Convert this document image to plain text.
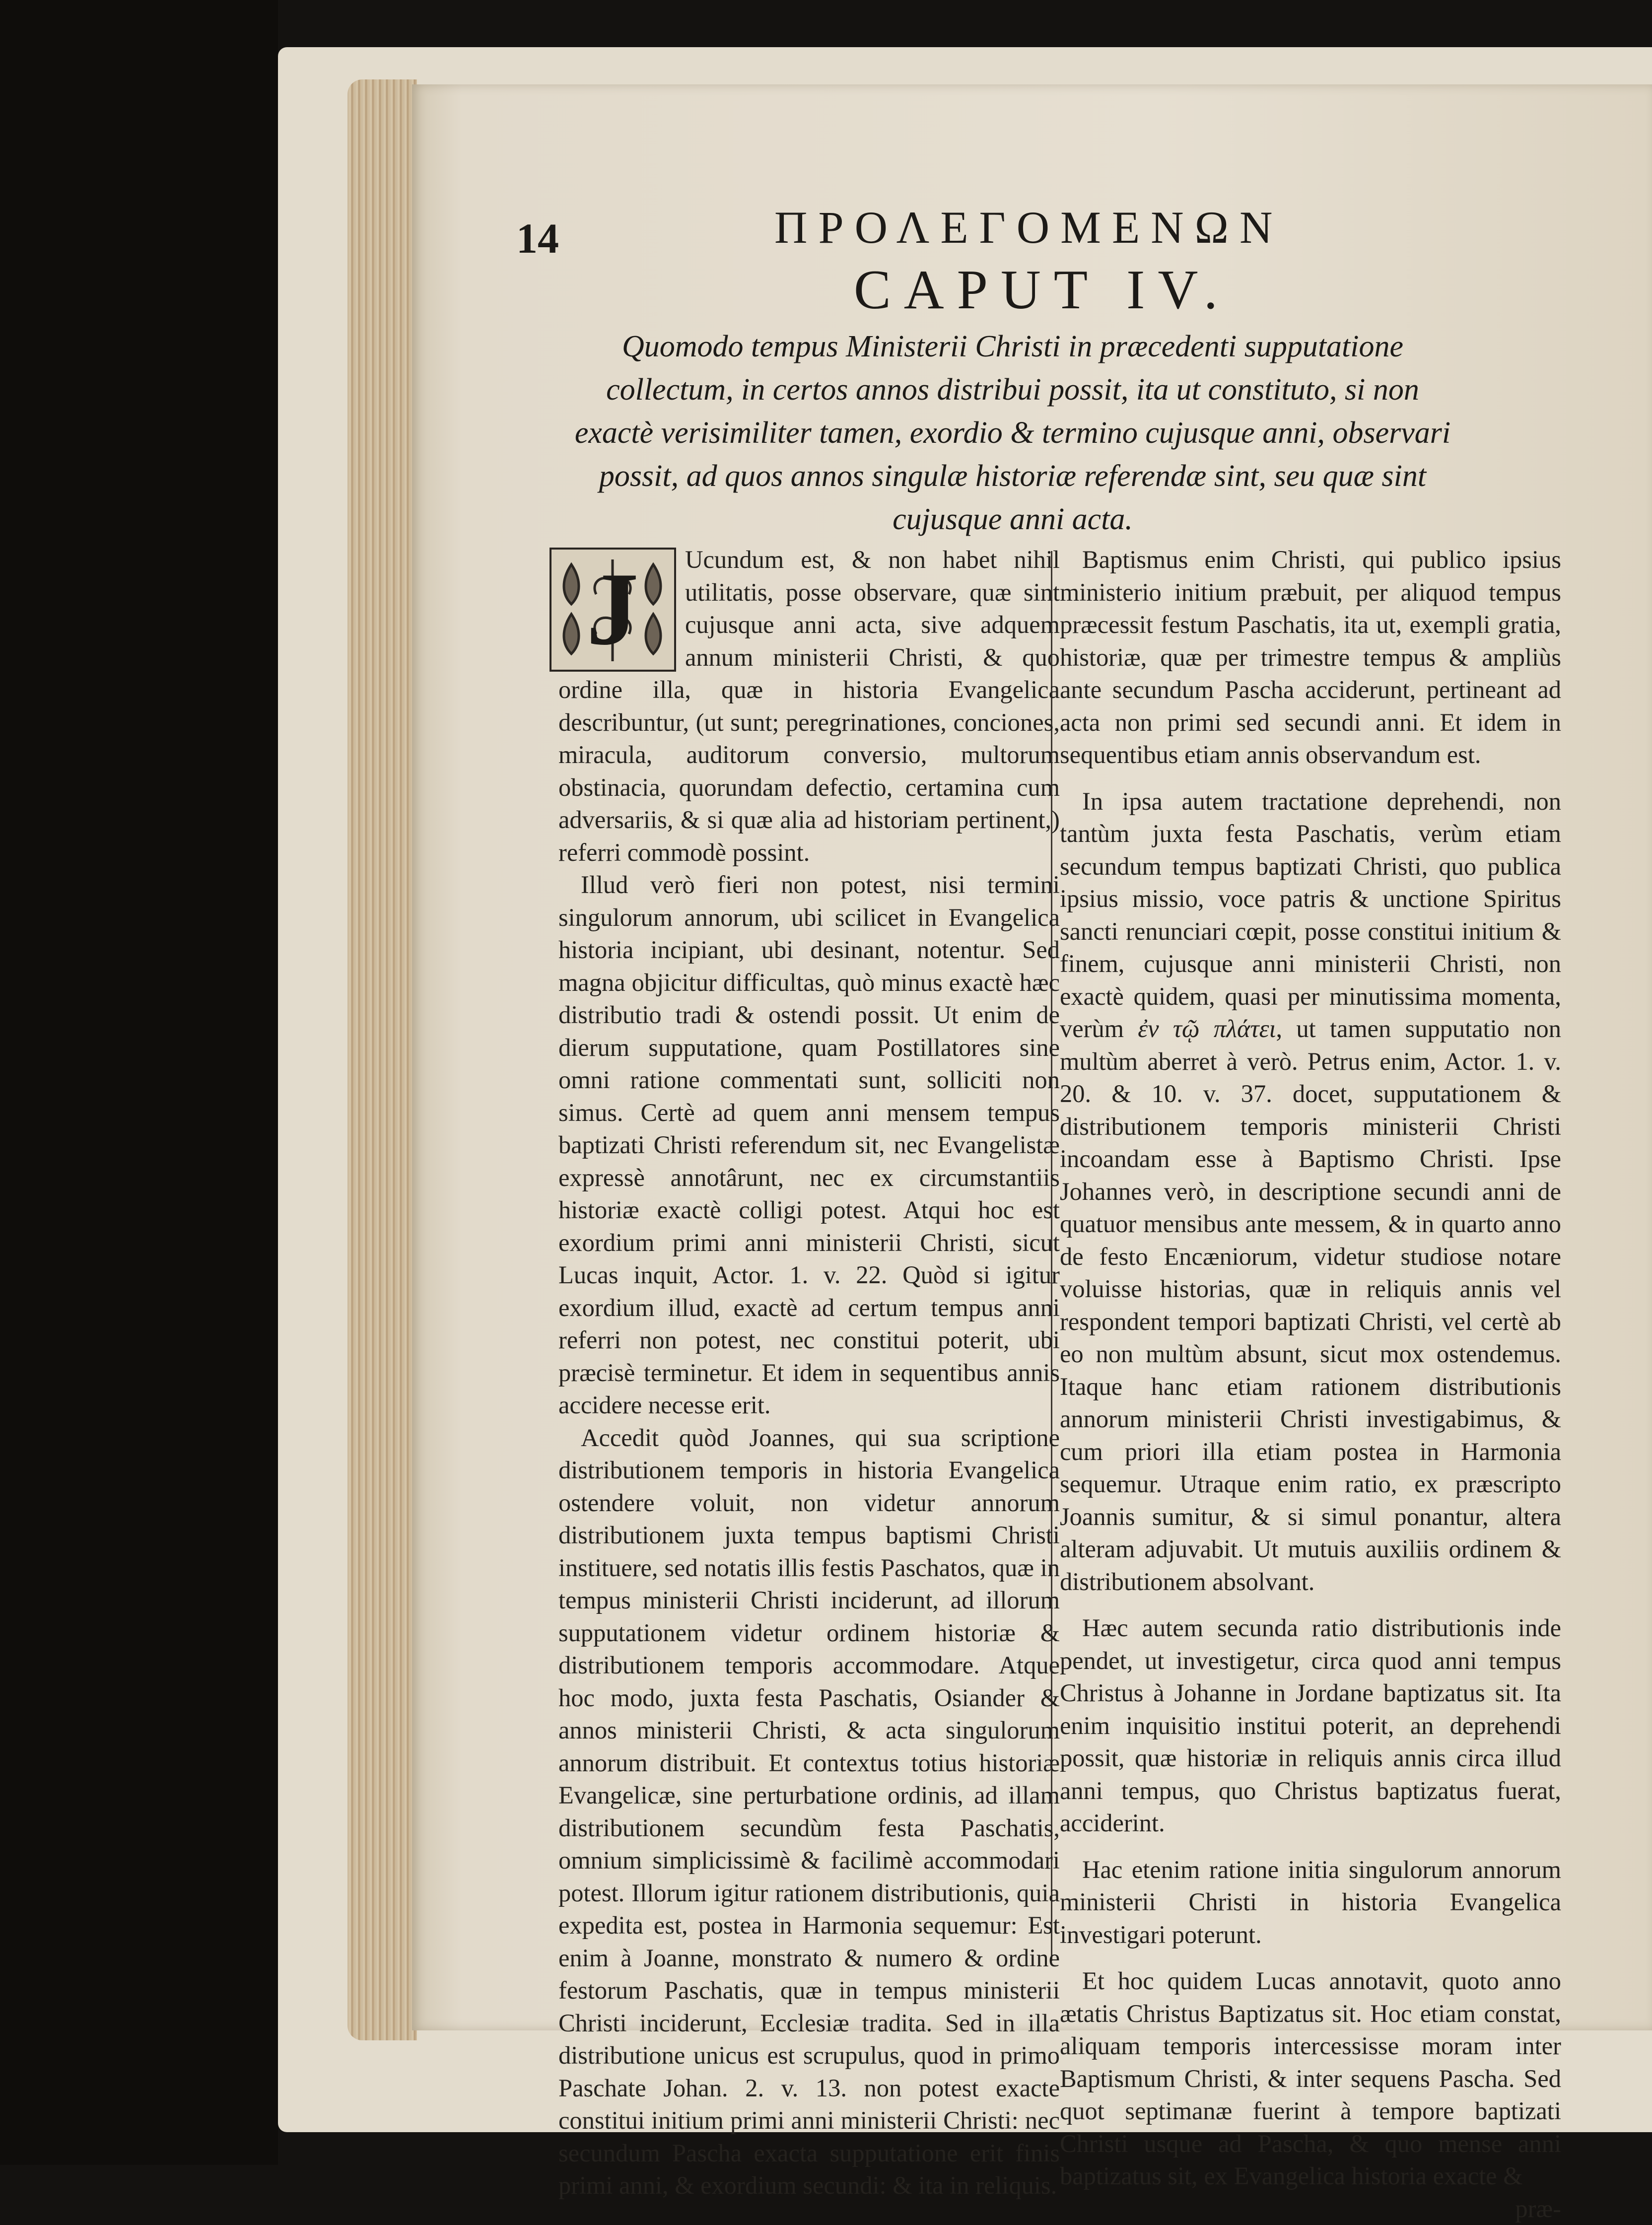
14	ΠΡΟΛΕΓΟΜΕΝΩΝ
CAPUT IV.
Quomodo tempus Ministerii Christi in præcedenti supputatione collectum, in certos annos distribui possit, ita ut constituto, si non exactè verisimiliter tamen, exordio & termino cujusque anni, observari possit, ad quos annos singulæ historiæ referendæ sint, seu quæ sint cujusque anni acta.

J Ucundum est, & non habet nihil utilitatis, posse observare, quæ sint cujusque anni acta, sive adquem annum ministerii Christi, & quo ordine illa, quæ in historia Evangelica describuntur, (ut sunt; peregrinationes, conciones, miracula, auditorum conversio, multorum obstinacia, quorundam defectio, certamina cum adversariis, & si quæ alia ad historiam pertinent,) referri commodè possint.

Illud verò fieri non potest, nisi termini singulorum annorum, ubi scilicet in Evangelica historia incipiant, ubi desinant, notentur. Sed magna objicitur difficultas, quò minus exactè hæc distributio tradi & ostendi possit. Ut enim de dierum supputatione, quam Postillatores sine omni ratione commentati sunt, solliciti non simus. Certè ad quem anni mensem tempus baptizati Christi referendum sit, nec Evangelistæ expressè annotârunt, nec ex circumstantiis historiæ exactè colligi potest. Atqui hoc est exordium primi anni ministerii Christi, sicut Lucas inquit, Actor. 1. v. 22. Quòd si igitur exordium illud, exactè ad certum tempus anni referri non potest, nec constitui poterit, ubi præcisè terminetur. Et idem in sequentibus annis accidere necesse erit.

Accedit quòd Joannes, qui sua scriptione distributionem temporis in historia Evangelica ostendere voluit, non videtur annorum distributionem juxta tempus baptismi Christi instituere, sed notatis illis festis Paschatos, quæ in tempus ministerii Christi inciderunt, ad illorum supputationem videtur ordinem historiæ & distributionem temporis accommodare. Atque hoc modo, juxta festa Paschatis, Osiander & annos ministerii Christi, & acta singulorum annorum distribuit. Et contextus totius historiæ Evangelicæ, sine perturbatione ordinis, ad illam distributionem secundùm festa Paschatis, omnium simplicissimè & facilimè accommodari potest. Illorum igitur rationem distributionis, quia expedita est, postea in Harmonia sequemur: Est enim à Joanne, monstrato & numero & ordine festorum Paschatis, quæ in tempus ministerii Christi inciderunt, Ecclesiæ tradita. Sed in illa distributione unicus est scrupulus, quod in primo Paschate Johan. 2. v. 13. non potest exacte constitui initium primi anni ministerii Christi: nec secundum Pascha exacta supputatione erit finis primi anni, & exordium secundi: & ita in reliquis.

Baptismus enim Christi, qui publico ipsius ministerio initium præbuit, per aliquod tempus præcessit festum Paschatis, ita ut, exempli gratia, historiæ, quæ per trimestre tempus & ampliùs ante secundum Pascha acciderunt, pertineant ad acta non primi sed secundi anni. Et idem in sequentibus etiam annis observandum est.

In ipsa autem tractatione deprehendi, non tantùm juxta festa Paschatis, verùm etiam secundum tempus baptizati Christi, quo publica ipsius missio, voce patris & unctione Spiritus sancti renunciari cœpit, posse constitui initium & finem, cujusque anni ministerii Christi, non exactè quidem, quasi per minutissima momenta, verùm ἐν τῷ πλάτει, ut tamen supputatio non multùm aberret à verò. Petrus enim, Actor. 1. v. 20. & 10. v. 37. docet, supputationem & distributionem temporis ministerii Christi incoandam esse à Baptismo Christi. Ipse Johannes verò, in descriptione secundi anni de quatuor mensibus ante messem, & in quarto anno de festo Encæniorum, videtur studiose notare voluisse historias, quæ in reliquis annis vel respondent tempori baptizati Christi, vel certè ab eo non multùm absunt, sicut mox ostendemus. Itaque hanc etiam rationem distributionis annorum ministerii Christi investigabimus, & cum priori illa etiam postea in Harmonia sequemur. Utraque enim ratio, ex præscripto Joannis sumitur, & si simul ponantur, altera alteram adjuvabit. Ut mutuis auxiliis ordinem & distributionem absolvant.

Hæc autem secunda ratio distributionis inde pendet, ut investigetur, circa quod anni tempus Christus à Johanne in Jordane baptizatus sit. Ita enim inquisitio institui poterit, an deprehendi possit, quæ historiæ in reliquis annis circa illud anni tempus, quo Christus baptizatus fuerat, acciderint.

Hac etenim ratione initia singulorum annorum ministerii Christi in historia Evangelica investigari poterunt.

Et hoc quidem Lucas annotavit, quoto anno ætatis Christus Baptizatus sit. Hoc etiam constat, aliquam temporis intercessisse moram inter Baptismum Christi, & inter sequens Pascha. Sed quot septimanæ fuerint à tempore baptizati Christi usque ad Pascha, & quo mense anni baptizatus sit, ex Evangelica historia exacte &

præ-
